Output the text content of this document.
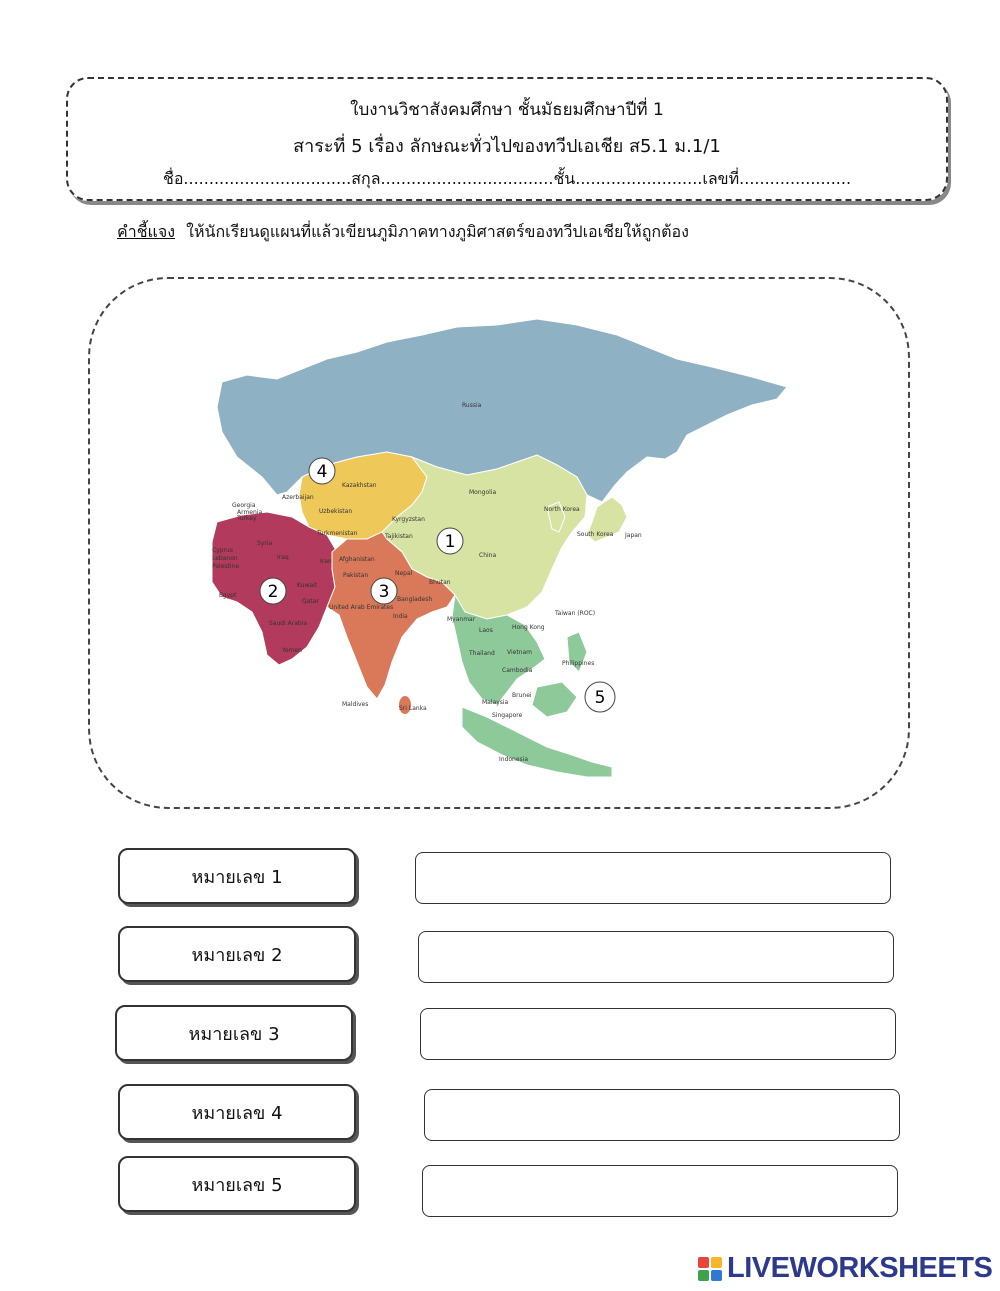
ใบงานวิชาสังคมศึกษา ชั้นมัธยมศึกษาปีที่ 1
สาระที่ 5 เรื่อง ลักษณะทั่วไปของทวีปเอเชีย ส5.1 ม.1/1
ชื่อ.................................สกุล..................................ชั้น.........................เลขที่......................
คำชี้แจง ให้นักเรียนดูแผนที่แล้วเขียนภูมิภาคทางภูมิศาสตร์ของทวีปเอเชียให้ถูกต้อง
Russia
Kazakhstan
Mongolia
Uzbekistan
Kyrgyzstan
Tajikistan
Turkmenistan
China
North Korea
South Korea Japan
Afghanistan
Pakistan
India
Nepal
Bhutan
Bangladesh
Sri Lanka
Maldives
Iran
Iraq
Syria
Turkey
Kuwait
Qatar
Saudi Arabia
Yemen
United Arab Emirates
Egypt
Cyprus
Lebanon
Palestine
Georgia
Armenia
Azerbaijan
Myanmar
Laos
Thailand Vietnam
Cambodia
Malaysia
Singapore
Brunei
Philippines
Indonesia
Taiwan (ROC)
Hong Kong
1
2	3
4
5
หมายเลข 1
หมายเลข 2
หมายเลข 3
หมายเลข 4
หมายเลข 5
LIVEWORKSHEETS
